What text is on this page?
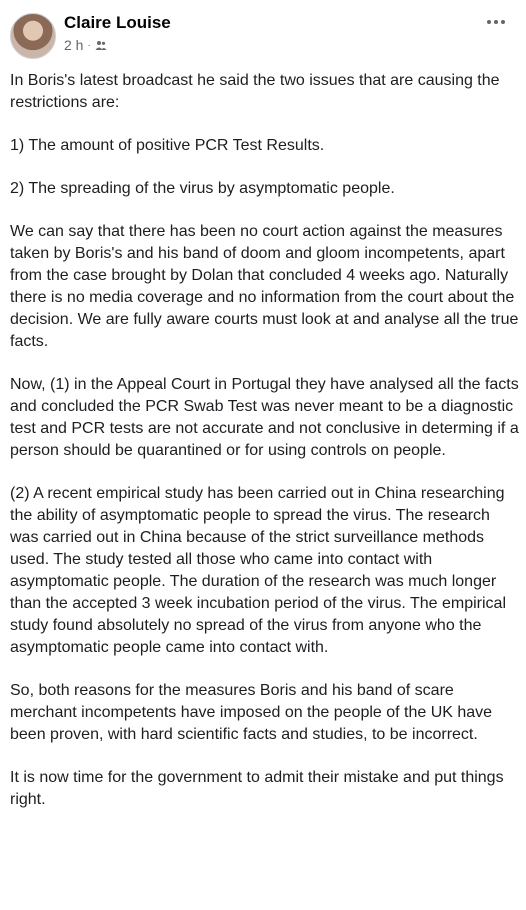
Claire Louise
2 h ·

In Boris's latest broadcast he said the two issues that are causing the restrictions are:

1) The amount of positive PCR Test Results.

2) The spreading of the virus by asymptomatic people.

We can say that there has been no court action against the measures taken by Boris's and his band of doom and gloom incompetents, apart from the case brought by Dolan that concluded 4 weeks ago. Naturally there is no media coverage and no information from the court about the decision. We are fully aware courts must look at and analyse all the true facts.

Now, (1) in the Appeal Court in Portugal they have analysed all the facts and concluded the PCR Swab Test was never meant to be a diagnostic test and PCR tests are not accurate and not conclusive in determing if a person should be quarantined or for using controls on people.

(2) A recent empirical study has been carried out in China researching the ability of asymptomatic people to spread the virus. The research was carried out in China because of the strict surveillance methods used. The study tested all those who came into contact with asymptomatic people. The duration of the research was much longer than the accepted 3 week incubation period of the virus. The empirical study found absolutely no spread of the virus from anyone who the asymptomatic people came into contact with.

So, both reasons for the measures Boris and his band of scare merchant incompetents have imposed on the people of the UK have been proven, with hard scientific facts and studies, to be incorrect.

It is now time for the government to admit their mistake and put things right.
